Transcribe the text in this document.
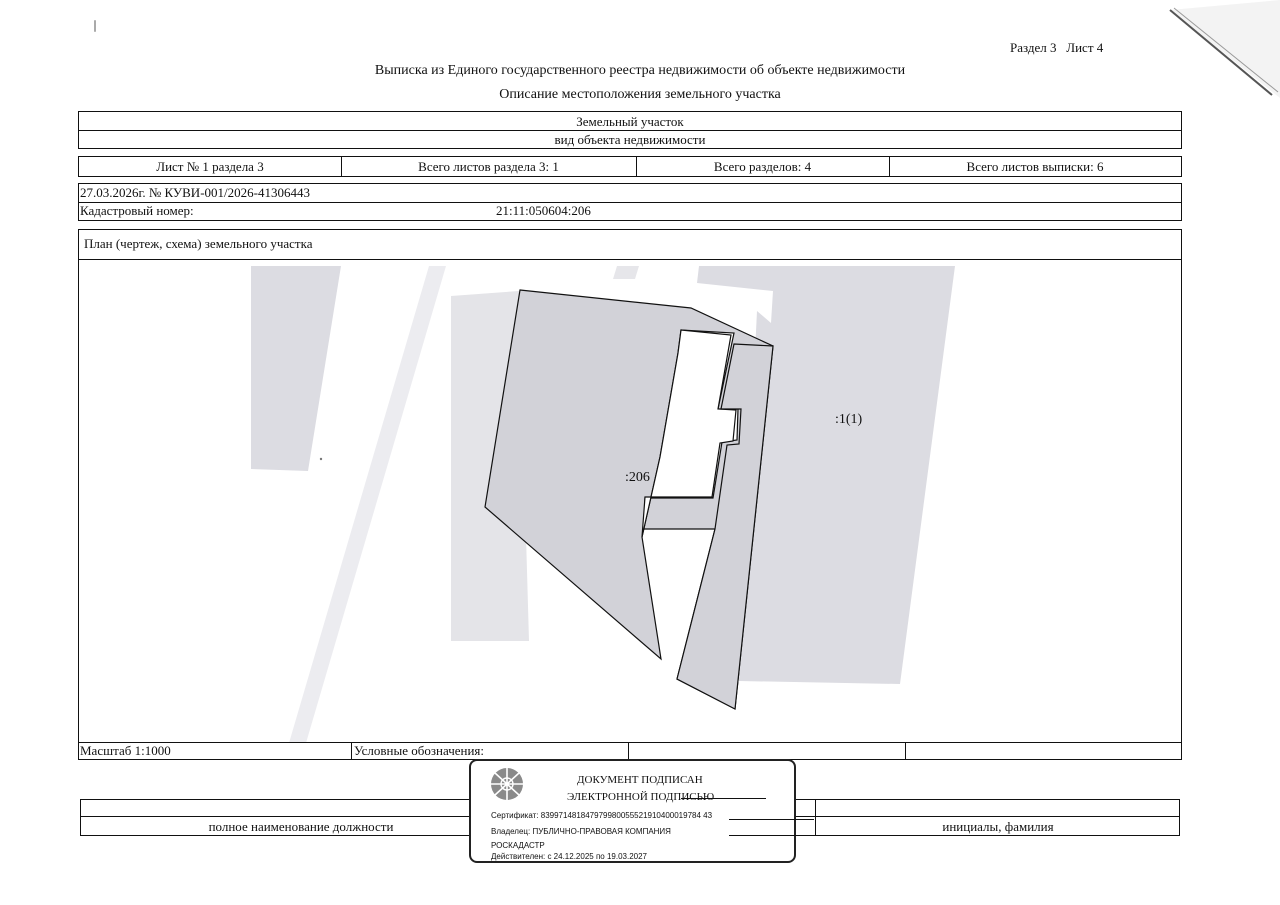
Раздел 3   Лист 4
Выписка из Единого государственного реестра недвижимости об объекте недвижимости
Описание местоположения земельного участка
Земельный участок
вид объекта недвижимости
Лист № 1 раздела 3	Всего листов раздела 3: 1	Всего разделов: 4	Всего листов выписки: 6
27.03.2026г. № КУВИ-001/2026-41306443
Кадастровый номер:	21:11:050604:206
План (чертеж, схема) земельного участка
:206
:1(1)
Масштаб 1:1000	Условные обозначения:
полное наименование должности	инициалы, фамилия
ДОКУМЕНТ ПОДПИСАН
ЭЛЕКТРОННОЙ ПОДПИСЬЮ
Сертификат: 839971481847979980055521910400019784 43
Владелец: ПУБЛИЧНО-ПРАВОВАЯ КОМПАНИЯ
РОСКАДАСТР
Действителен: с 24.12.2025 по 19.03.2027
